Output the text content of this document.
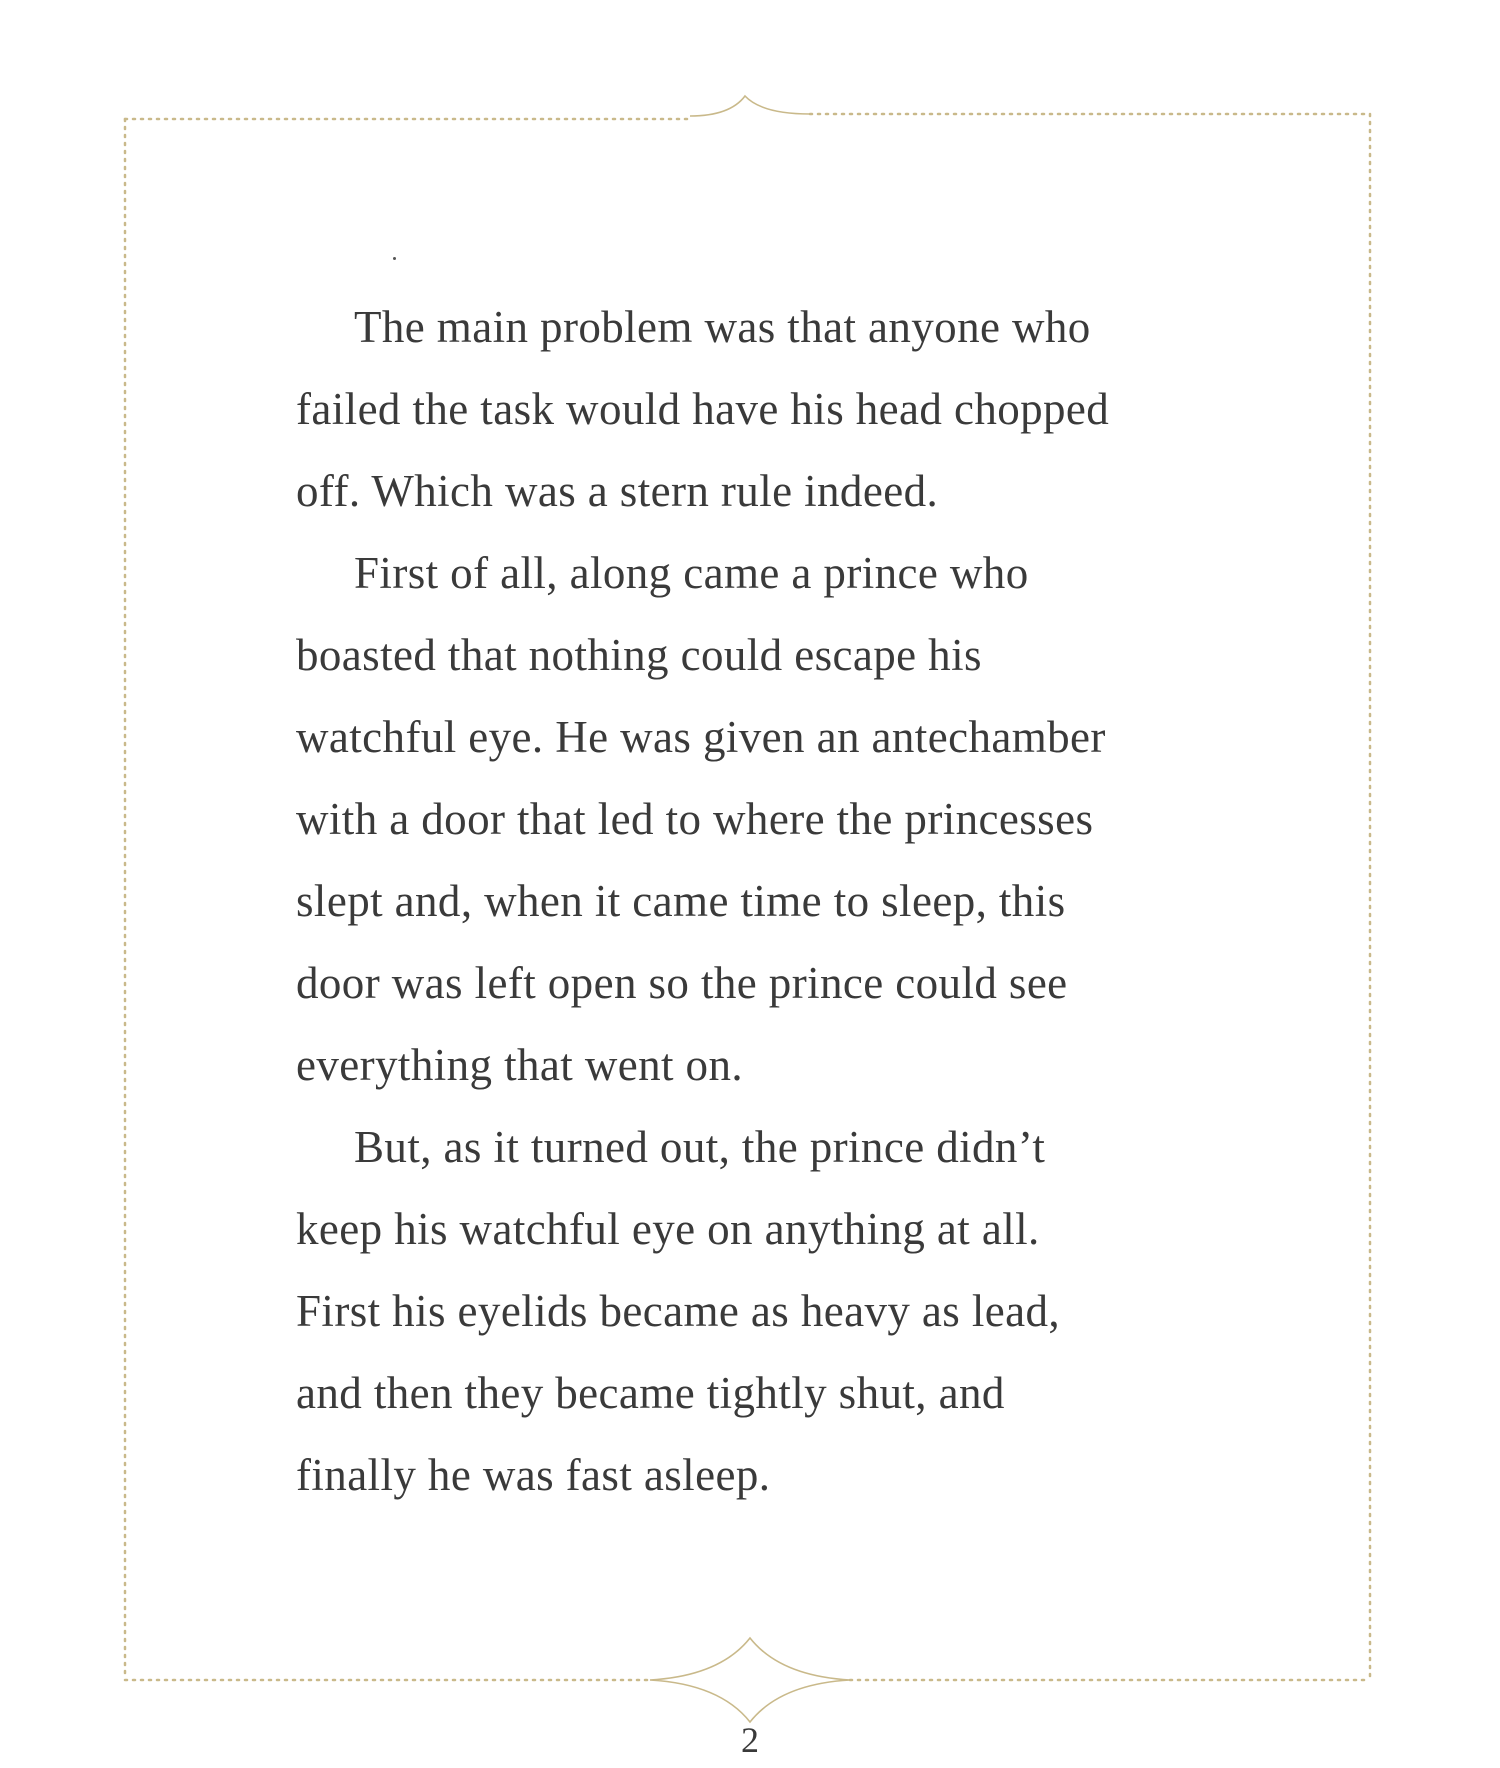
The main problem was that anyone who
failed the task would have his head chopped
off. Which was a stern rule indeed.

First of all, along came a prince who
boasted that nothing could escape his
watchful eye. He was given an antechamber
with a door that led to where the princesses
slept and, when it came time to sleep, this
door was left open so the prince could see
everything that went on.

But, as it turned out, the prince didn’t
keep his watchful eye on anything at all.
First his eyelids became as heavy as lead,
and then they became tightly shut, and
finally he was fast asleep.

2
